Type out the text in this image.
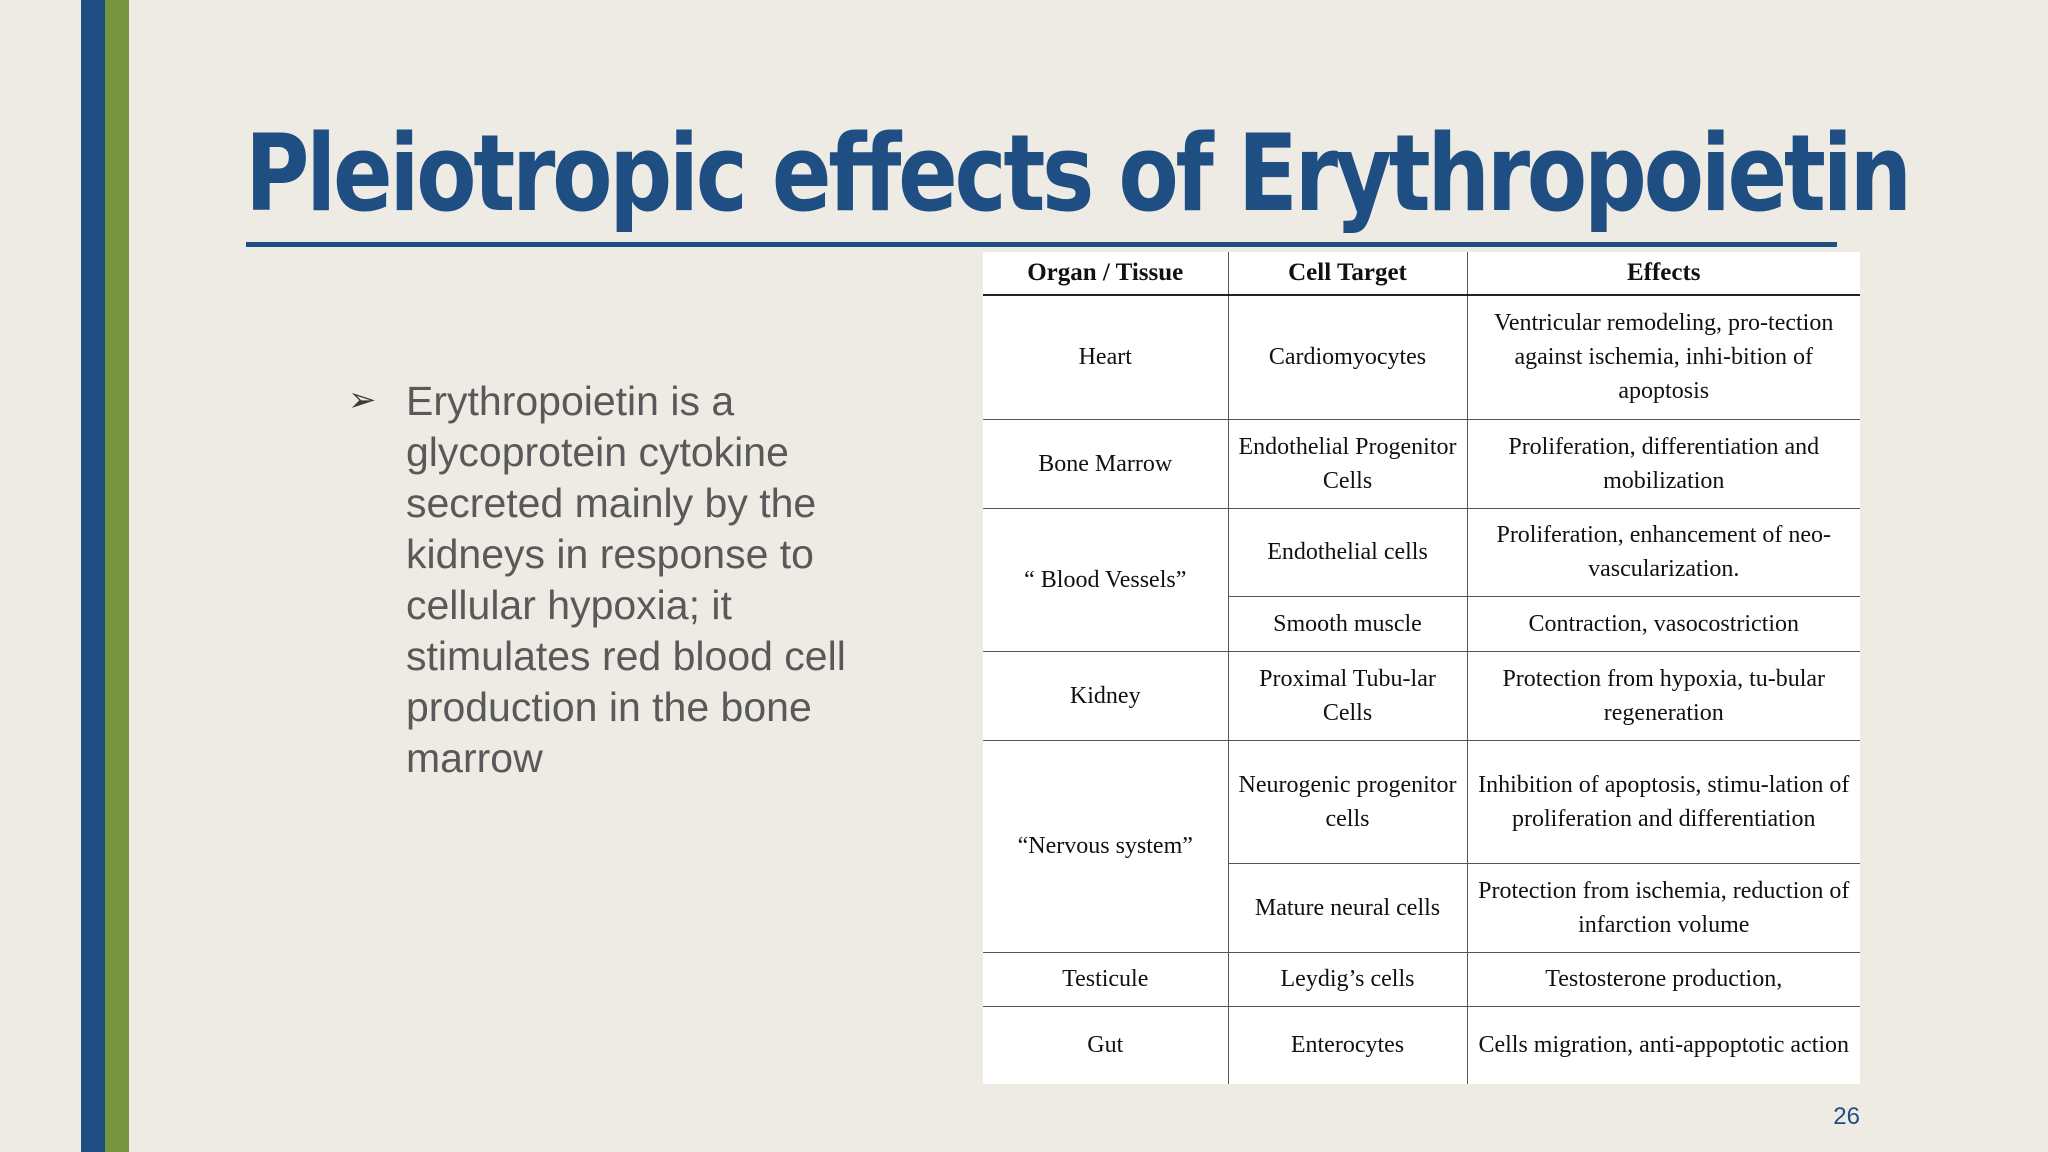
Pleiotropic effects of Erythropoietin
➢ Erythropoietin is a glycoprotein cytokine secreted mainly by the kidneys in response to cellular hypoxia; it stimulates red blood cell production in the bone marrow

Organ / Tissue	Cell Target	Effects
Heart	Cardiomyocytes	Ventricular remodeling, pro-tection against ischemia, inhi-bition of apoptosis
Bone Marrow	Endothelial Progenitor Cells	Proliferation, differentiation and mobilization
“ Blood Vessels”	Endothelial cells	Proliferation, enhancement of neo-vascularization.
	Smooth muscle	Contraction, vasocostriction
Kidney	Proximal Tubu-lar Cells	Protection from hypoxia, tu-bular regeneration
“Nervous system”	Neurogenic progenitor cells	Inhibition of apoptosis, stimu-lation of proliferation and differentiation
	Mature neural cells	Protection from ischemia, reduction of infarction volume
Testicule	Leydig’s cells	Testosterone production,
Gut	Enterocytes	Cells migration, anti-appoptotic action
26
